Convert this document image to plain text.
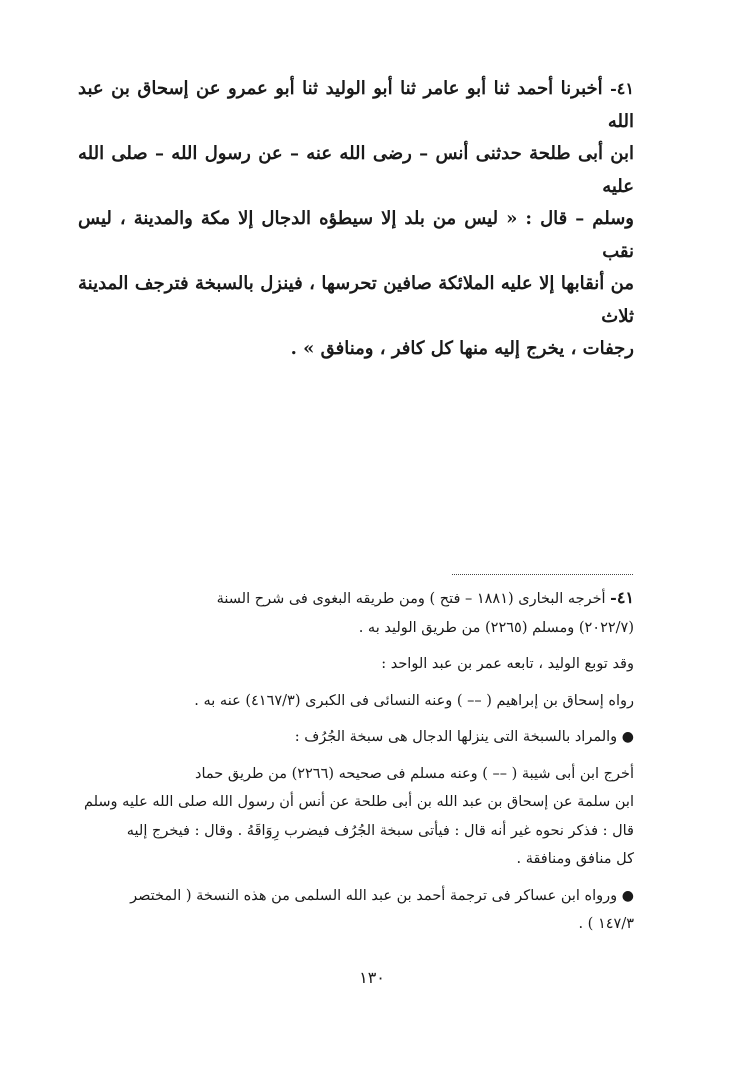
٤١- أخبرنا أحمد ثنا أبو عامر ثنا أبو الوليد ثنا أبو عمرو عن إسحاق بن عبد الله

ابن أبى طلحة حدثنى أنس – رضى الله عنه – عن رسول الله – صلى الله عليه

وسلم – قال : « ليس من بلد إلا سيطؤه الدجال إلا مكة والمدينة ، ليس نقب

من أنقابها إلا عليه الملائكة صافين تحرسها ، فينزل بالسبخة فترجف المدينة ثلاث

رجفات ، يخرج إليه منها كل كافر ، ومنافق » .

٤١- أخرجه البخارى (١٨٨١ – فتح ) ومن طريقه البغوى فى شرح السنة

(٢٠٢٢/٧) ومسلم (٢٢٦٥) من طريق الوليد به .

وقد توبع الوليد ، تابعه عمر بن عبد الواحد :

رواه إسحاق بن إبراهيم ( –– ) وعنه النسائى فى الكبرى (٤١٦٧/٣) عنه به .

● والمراد بالسبخة التى ينزلها الدجال هى سبخة الجُرُف :

أخرج ابن أبى شيبة ( –– ) وعنه مسلم فى صحيحه (٢٢٦٦) من طريق حماد

ابن سلمة عن إسحاق بن عبد الله بن أبى طلحة عن أنس أن رسول الله صلى الله عليه وسلم

قال : فذكر نحوه غير أنه قال : فيأتى سبخة الجُرُف فيضرب رِوَاقَهُ . وقال : فيخرج إليه

كل منافق ومنافقة .

● ورواه ابن عساكر فى ترجمة أحمد بن عبد الله السلمى من هذه النسخة ( المختصر

١٤٧/٣ ) .

١٣٠
